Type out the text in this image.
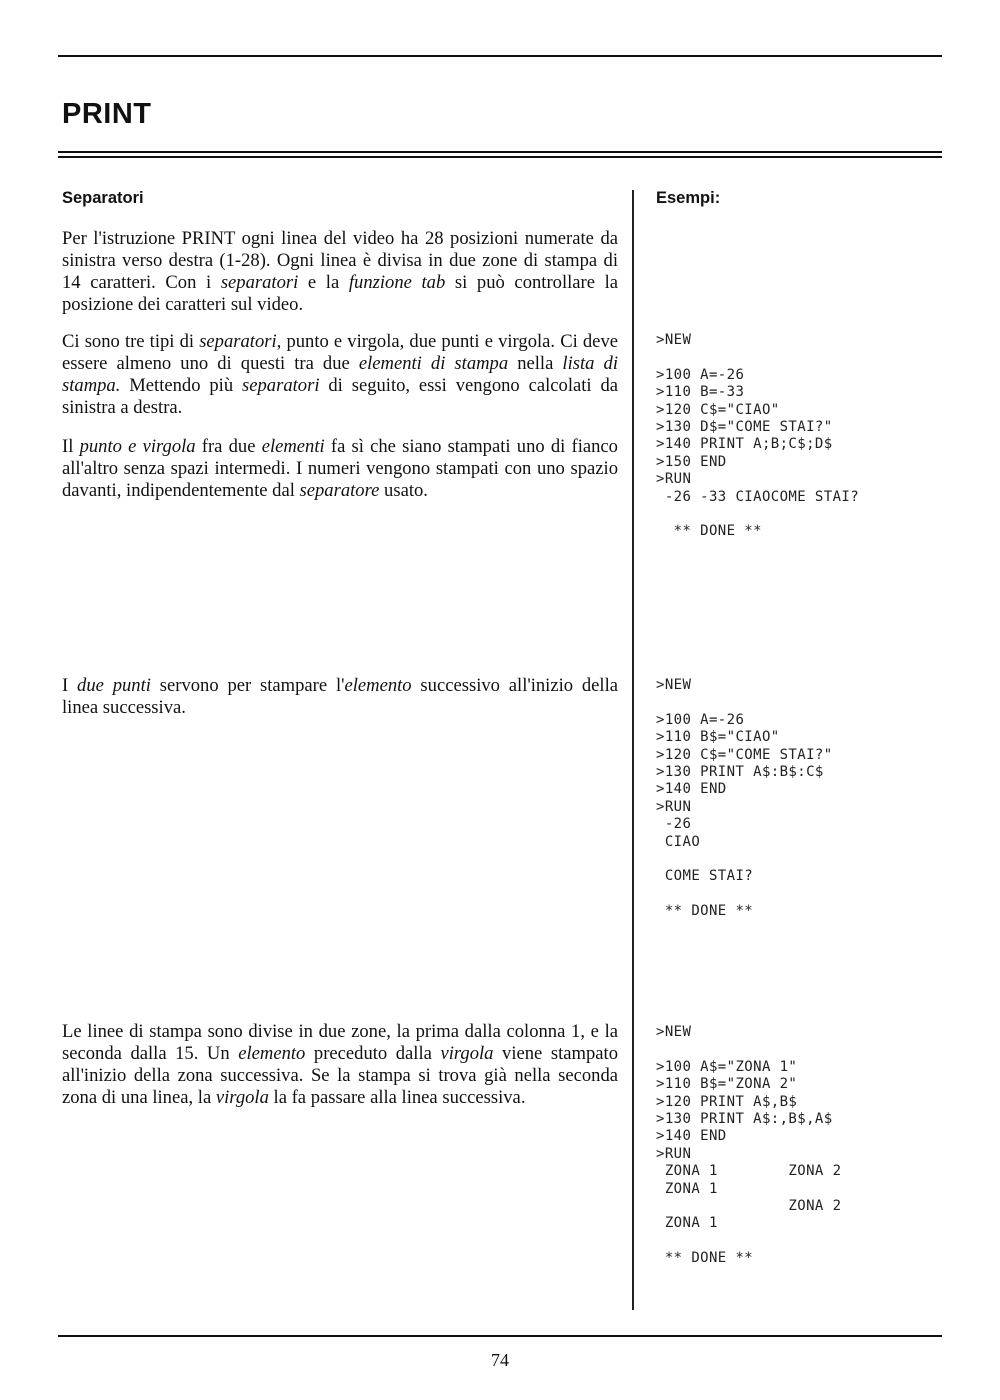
PRINT
Separatori	Esempi:

Per l'istruzione PRINT ogni linea del video ha 28 posizioni numerate da sinistra verso destra (1-28). Ogni linea è divisa in due zone di stampa di 14 caratteri. Con i separatori e la funzione tab si può controllare la posizione dei caratteri sul video.

Ci sono tre tipi di separatori, punto e virgola, due punti e virgola. Ci deve essere almeno uno di questi tra due elementi di stampa nella lista di stampa. Mettendo più separatori di seguito, essi vengono calcolati da sinistra a destra.

Il punto e virgola fra due elementi fa sì che siano stampati uno di fianco all'altro senza spazi intermedi. I numeri vengono stampati con uno spazio davanti, indipendentemente dal separatore usato.

I due punti servono per stampare l'elemento successivo all'inizio della linea successiva.

Le linee di stampa sono divise in due zone, la prima dalla colonna 1, e la seconda dalla 15. Un elemento preceduto dalla virgola viene stampato all'inizio della zona successiva. Se la stampa si trova già nella seconda zona di una linea, la virgola la fa passare alla linea successiva.

>NEW

>100 A=-26
>110 B=-33
>120 C$="CIAO"
>130 D$="COME STAI?"
>140 PRINT A;B;C$;D$
>150 END
>RUN
-26 -33 CIAOCOME STAI?

** DONE **
>NEW

>100 A=-26
>110 B$="CIAO"
>120 C$="COME STAI?"
>130 PRINT A$:B$:C$
>140 END
>RUN
-26
CIAO

COME STAI?

** DONE **
>NEW

>100 A$="ZONA 1"
>110 B$="ZONA 2"
>120 PRINT A$,B$
>130 PRINT A$:,B$,A$
>140 END
>RUN
ZONA 1        ZONA 2
ZONA 1
ZONA 2
ZONA 1

** DONE **
74
